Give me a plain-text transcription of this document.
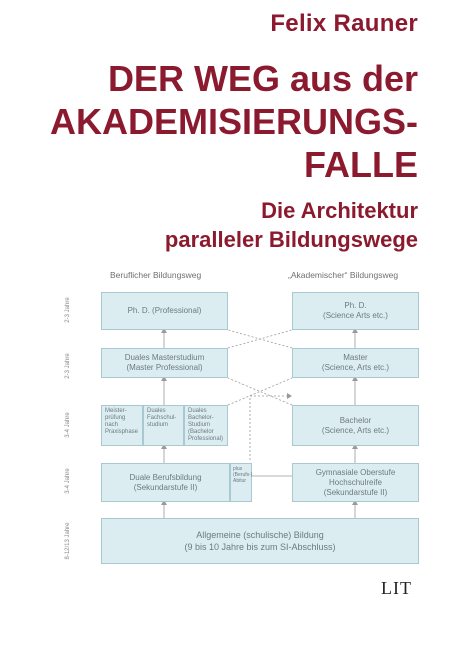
Felix Rauner
DER WEG aus der
AKADEMISIERUNGS-
FALLE
Die Architektur
paralleler Bildungswege
Beruflicher Bildungsweg	„Akademischer“ Bildungsweg
2-3 Jahre
2-3 Jahre
3-4 Jahre
3-4 Jahre
8-12/13 Jahre
Ph. D. (Professional)
Ph. D.
(Science Arts etc.)
Duales Masterstudium
(Master Professional)
Master
(Science, Arts etc.)
Meister-
prüfung
nach
Praxisphase
Duales
Fachschul-
studium
Duales
Bachelor-
Studium
(Bachelor
Professional)
Bachelor
(Science, Arts etc.)
Duale Berufsbildung
(Sekundarstufe II)
plus
(Berufs-)
Abitur
Gymnasiale Oberstufe
Hochschulreife
(Sekundarstufe II)
Allgemeine (schulische) Bildung
(9 bis 10 Jahre bis zum SI-Abschluss)
LIT
